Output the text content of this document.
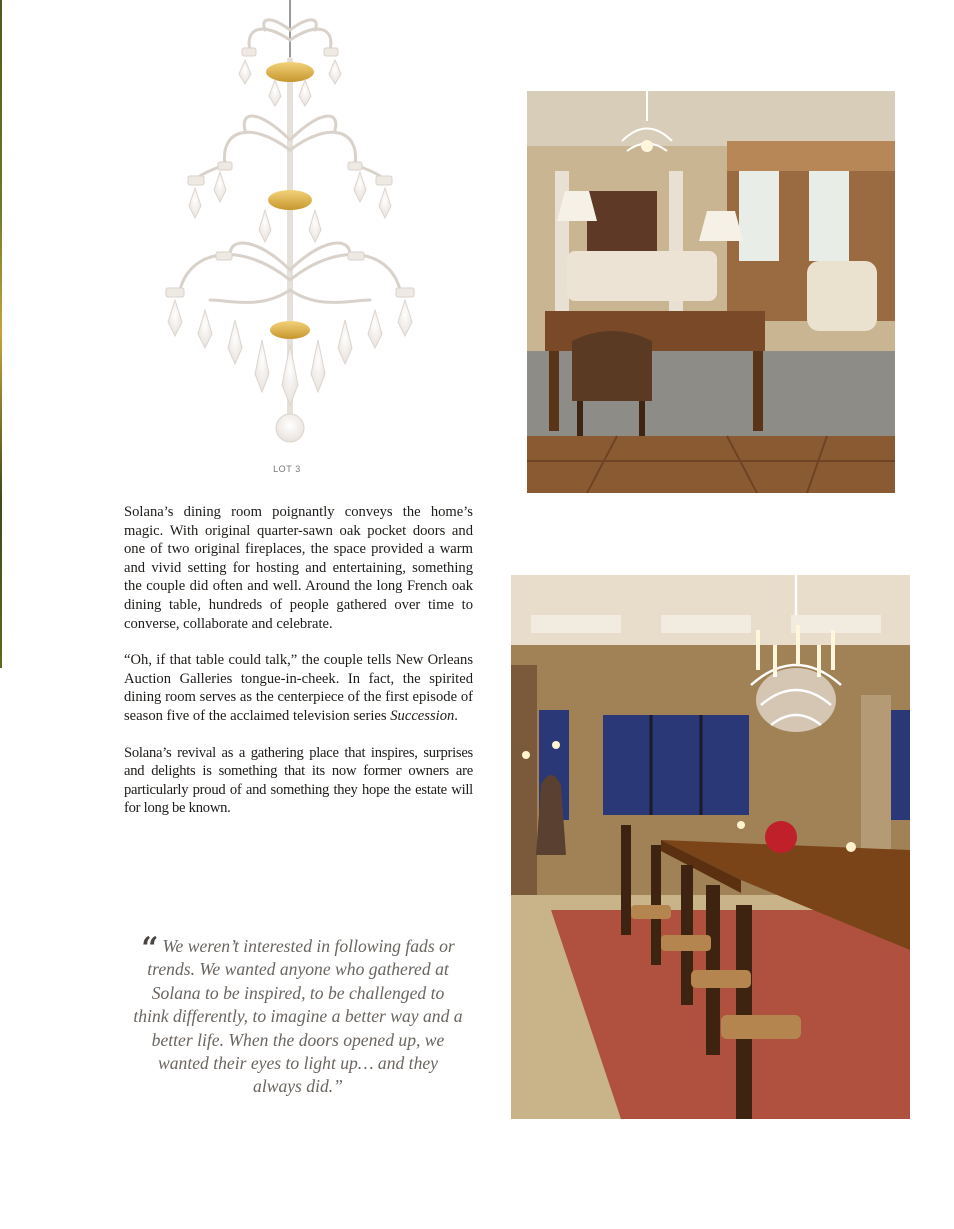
LOT 3

Solana’s dining room poignantly conveys the home’s magic. With original quarter-sawn oak pocket doors and one of two original fireplaces, the space provided a warm and vivid setting for hosting and entertaining, something the couple did often and well. Around the long French oak dining table, hundreds of people gathered over time to converse, collaborate and celebrate.

“Oh, if that table could talk,” the couple tells New Orleans Auction Galleries tongue-in-cheek. In fact, the spirited dining room serves as the centerpiece of the first episode of season five of the acclaimed television series Succession.

Solana’s revival as a gathering place that inspires, surprises and delights is something that its now former owners are particularly proud of and something they hope the estate will for long be known.

“ We weren’t interested in following fads or trends. We wanted anyone who gathered at Solana to be inspired, to be challenged to think differently, to imagine a better way and a better life. When the doors opened up, we wanted their eyes to light up… and they always did.”
